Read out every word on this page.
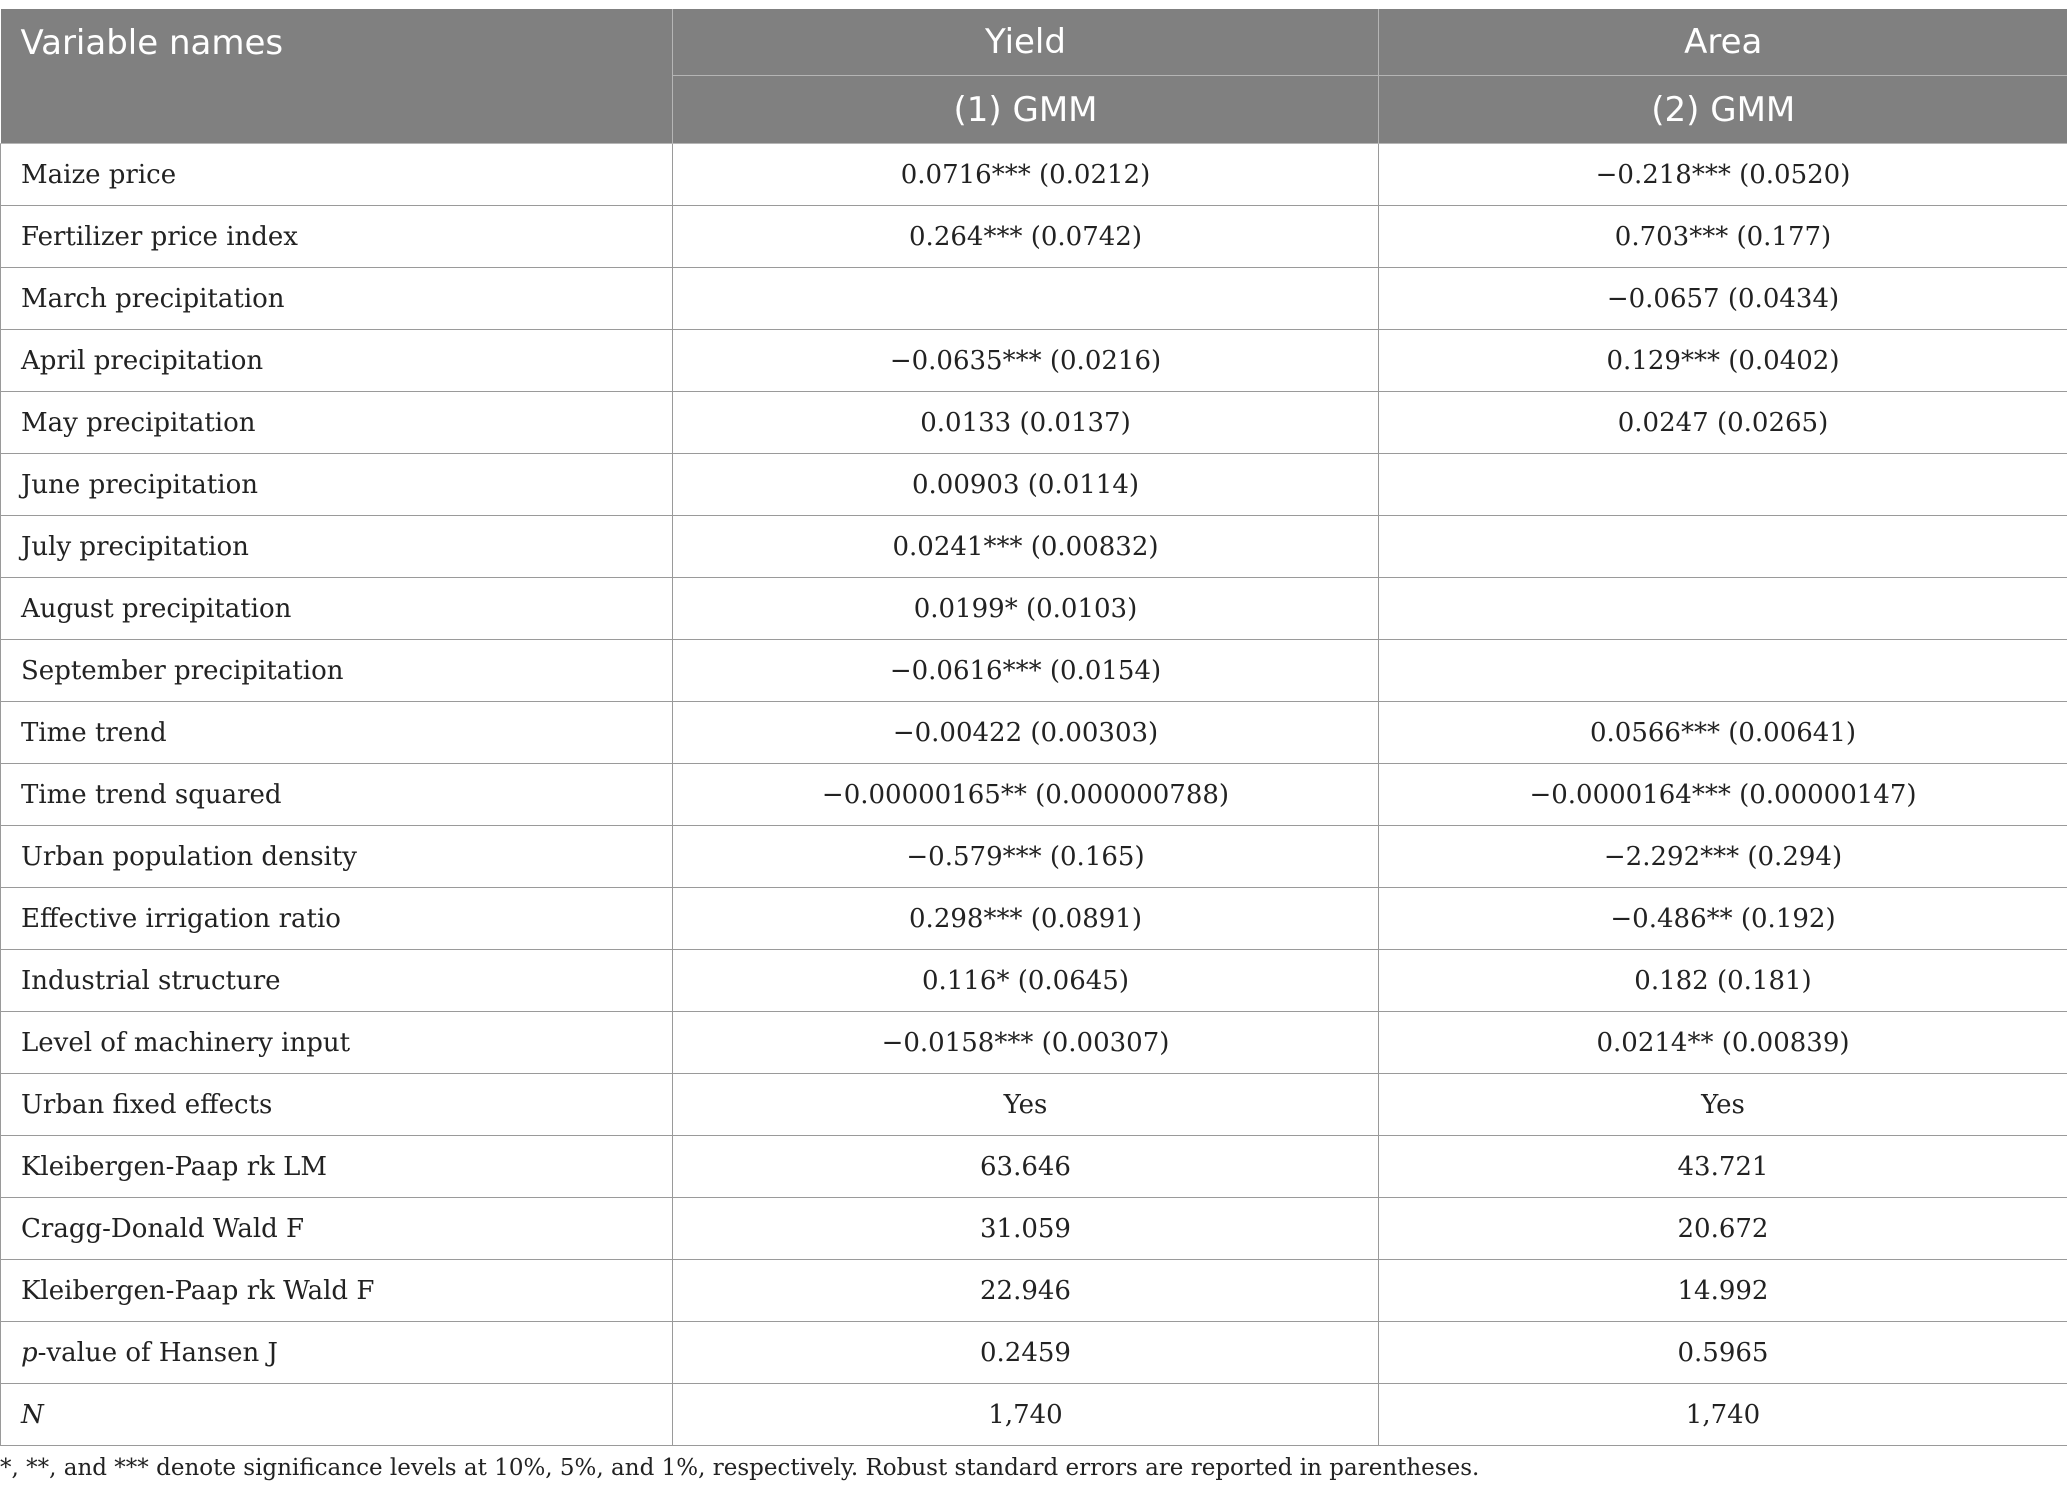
Variable names	Yield	Area
	(1) GMM	(2) GMM
Maize price	0.0716*** (0.0212)	−0.218*** (0.0520)
Fertilizer price index	0.264*** (0.0742)	0.703*** (0.177)
March precipitation		−0.0657 (0.0434)
April precipitation	−0.0635*** (0.0216)	0.129*** (0.0402)
May precipitation	0.0133 (0.0137)	0.0247 (0.0265)
June precipitation	0.00903 (0.0114)	
July precipitation	0.0241*** (0.00832)	
August precipitation	0.0199* (0.0103)	
September precipitation	−0.0616*** (0.0154)	
Time trend	−0.00422 (0.00303)	0.0566*** (0.00641)
Time trend squared	−0.00000165** (0.000000788)	−0.0000164*** (0.00000147)
Urban population density	−0.579*** (0.165)	−2.292*** (0.294)
Effective irrigation ratio	0.298*** (0.0891)	−0.486** (0.192)
Industrial structure	0.116* (0.0645)	0.182 (0.181)
Level of machinery input	−0.0158*** (0.00307)	0.0214** (0.00839)
Urban fixed effects	Yes	Yes
Kleibergen-Paap rk LM	63.646	43.721
Cragg-Donald Wald F	31.059	20.672
Kleibergen-Paap rk Wald F	22.946	14.992
p-value of Hansen J	0.2459	0.5965
N	1,740	1,740
*, **, and *** denote significance levels at 10%, 5%, and 1%, respectively. Robust standard errors are reported in parentheses.
